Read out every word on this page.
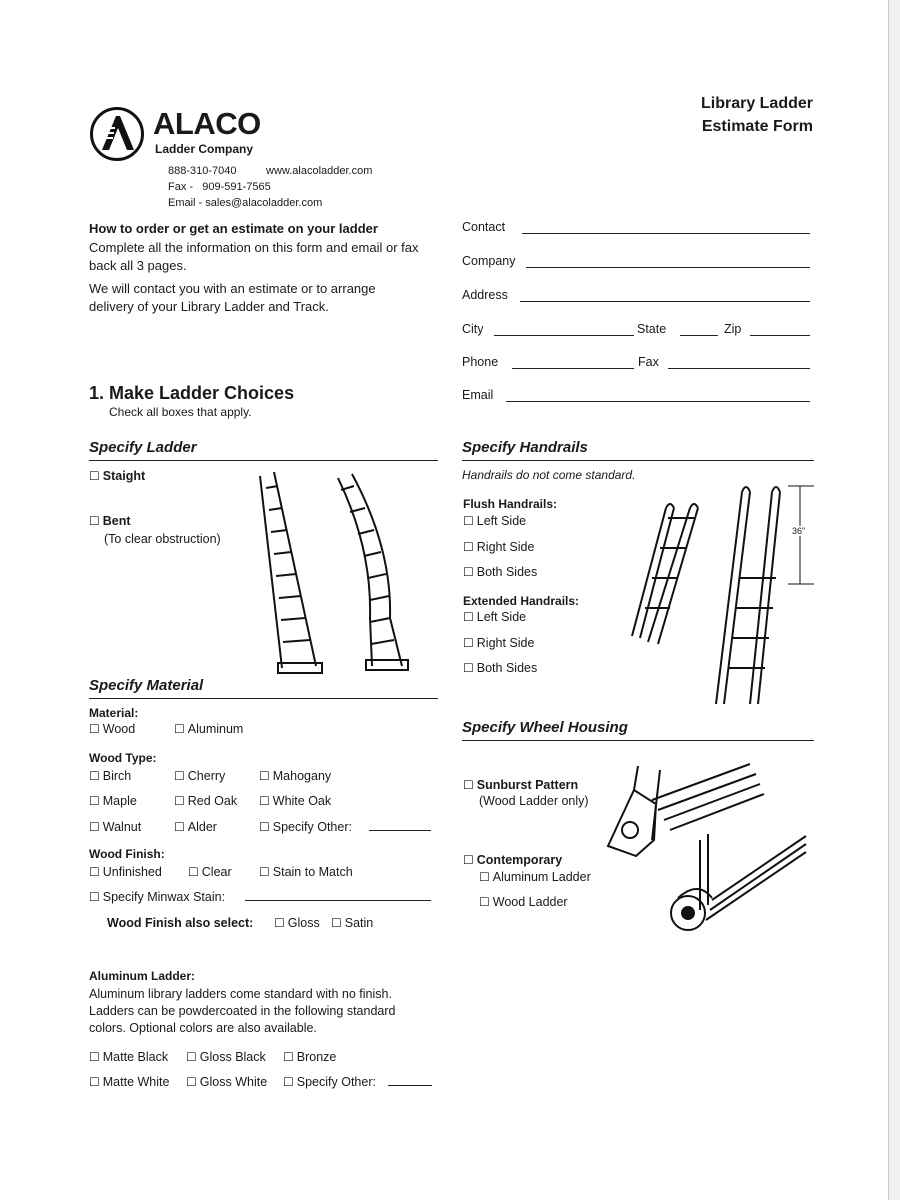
ALACO
Ladder Company
888-310-7040	www.alacoladder.com
Fax -   909-591-7565
Email - sales@alacoladder.com
Library Ladder
Estimate Form
How to order or get an estimate on your ladder
Complete all the information on this form and email or fax back all 3 pages.
We will contact you with an estimate or to arrange delivery of your Library Ladder and Track.
Contact
Company
Address
City	State	Zip
Phone	Fax
Email
1. Make Ladder Choices
Check all boxes that apply.
Specify Ladder
☐ Staight
☐ Bent
(To clear obstruction)
Specify Handrails
Handrails do not come standard.
Flush Handrails:
☐ Left Side
☐ Right Side
☐ Both Sides
Extended Handrails:
☐ Left Side
☐ Right Side
☐ Both Sides
36"
Specify Material
Material:
☐ Wood	☐ Aluminum
Wood Type:
☐ Birch	☐ Cherry	☐ Mahogany
☐ Maple	☐ Red Oak	☐ White Oak
☐ Walnut	☐ Alder	☐ Specify Other:
Wood Finish:
☐ Unfinished	☐ Clear	☐ Stain to Match
☐ Specify Minwax Stain:
Wood Finish also select:	☐ Gloss	☐ Satin
Aluminum Ladder:
Aluminum library ladders come standard with no finish. Ladders can be powdercoated in the following standard colors. Optional colors are also available.
☐ Matte Black	☐ Gloss Black	☐ Bronze
☐ Matte White	☐ Gloss White	☐ Specify Other:
Specify Wheel Housing
☐ Sunburst Pattern
(Wood Ladder only)
☐ Contemporary
☐ Aluminum Ladder
☐ Wood Ladder
